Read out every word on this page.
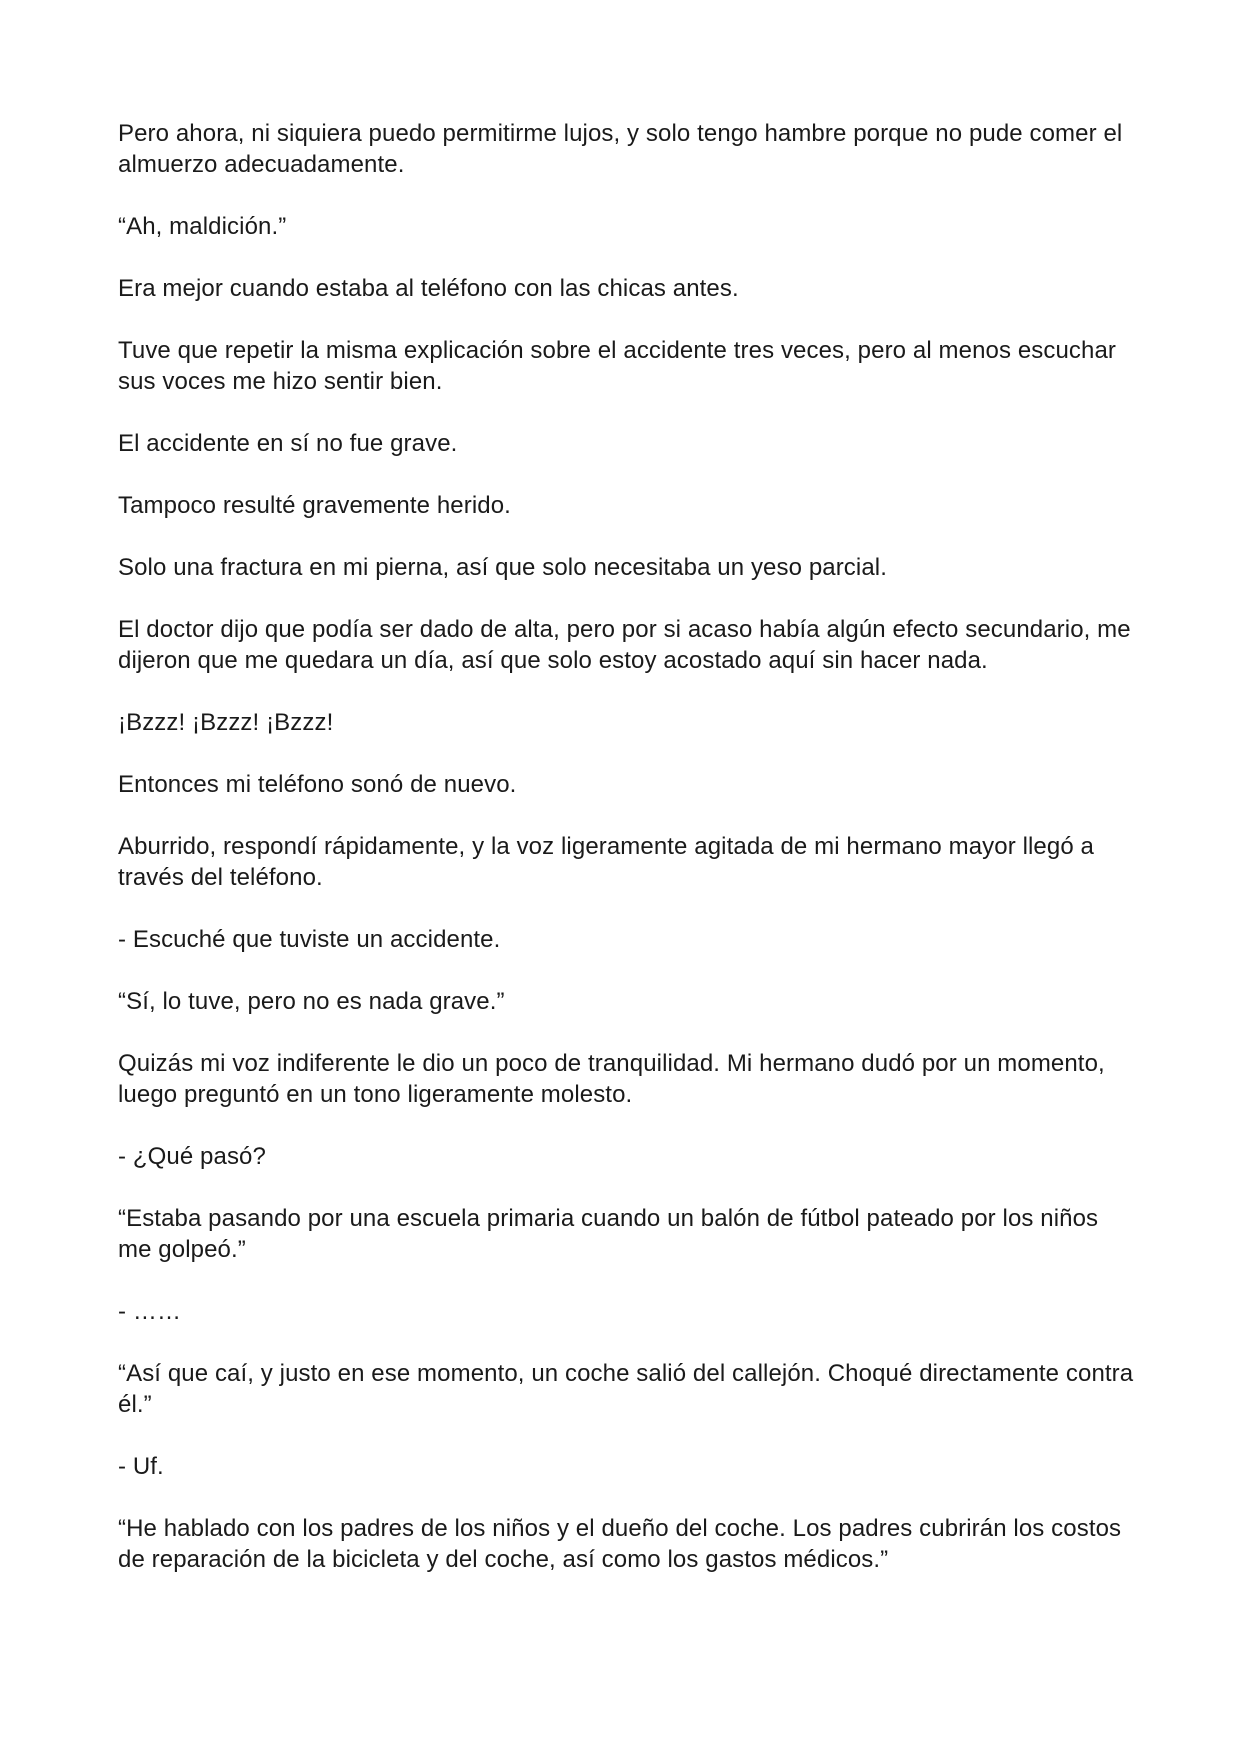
Pero ahora, ni siquiera puedo permitirme lujos, y solo tengo hambre porque no pude comer el almuerzo adecuadamente.

“Ah, maldición.”

Era mejor cuando estaba al teléfono con las chicas antes.

Tuve que repetir la misma explicación sobre el accidente tres veces, pero al menos escuchar sus voces me hizo sentir bien.

El accidente en sí no fue grave.

Tampoco resulté gravemente herido.

Solo una fractura en mi pierna, así que solo necesitaba un yeso parcial.

El doctor dijo que podía ser dado de alta, pero por si acaso había algún efecto secundario, me dijeron que me quedara un día, así que solo estoy acostado aquí sin hacer nada.

¡Bzzz! ¡Bzzz! ¡Bzzz!

Entonces mi teléfono sonó de nuevo.

Aburrido, respondí rápidamente, y la voz ligeramente agitada de mi hermano mayor llegó a través del teléfono.

- Escuché que tuviste un accidente.

“Sí, lo tuve, pero no es nada grave.”

Quizás mi voz indiferente le dio un poco de tranquilidad. Mi hermano dudó por un momento, luego preguntó en un tono ligeramente molesto.

- ¿Qué pasó?

“Estaba pasando por una escuela primaria cuando un balón de fútbol pateado por los niños me golpeó.”

- ……

“Así que caí, y justo en ese momento, un coche salió del callejón. Choqué directamente contra él.”

- Uf.

“He hablado con los padres de los niños y el dueño del coche. Los padres cubrirán los costos de reparación de la bicicleta y del coche, así como los gastos médicos.”
